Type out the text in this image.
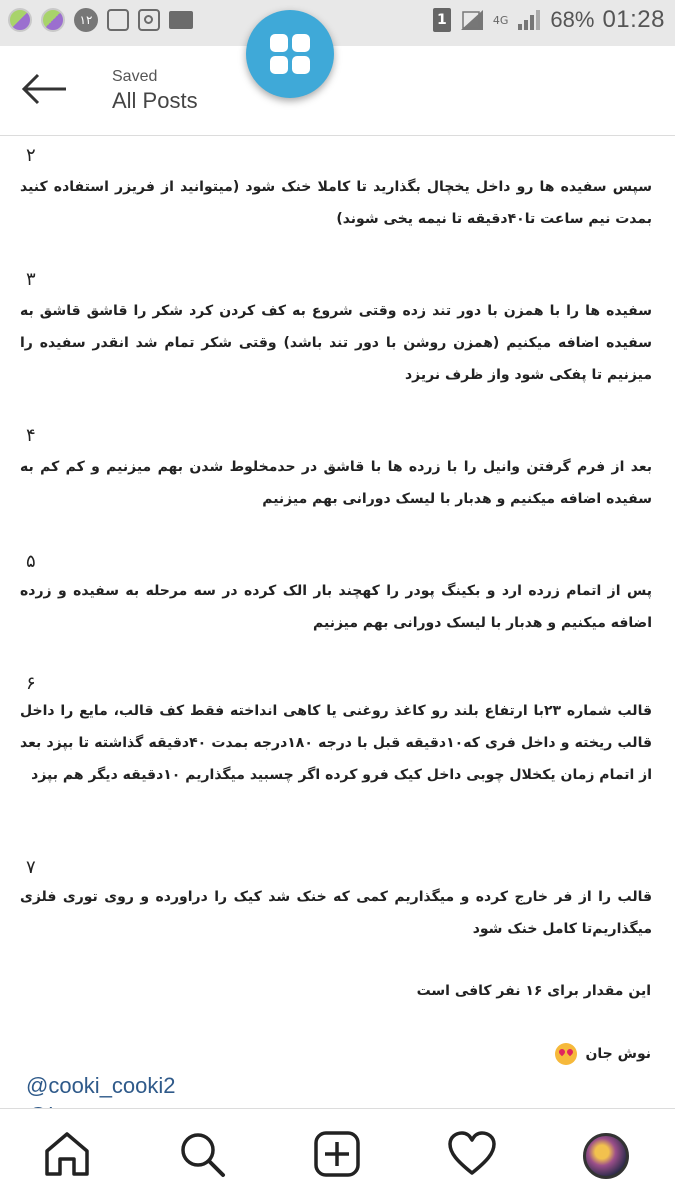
١٢	1	4G 68% 01:28
Saved
All Posts
٢
سپس سفیده ها رو داخل یخچال بگذارید تا کاملا خنک شود (میتوانید از فریزر استفاده کنید بمدت نیم ساعت تا۴۰دقیقه تا نیمه یخی شوند)
٣
سفیده ها را با همزن با دور تند زده وقتی شروع به کف کردن کرد شکر را قاشق قاشق به سفیده اضافه میکنیم (همزن روشن با دور تند باشد) وقتی شکر تمام شد انقدر سفیده را میزنیم تا پفکی شود واز ظرف نریزد
۴
بعد از فرم گرفتن وانیل را با زرده ها با قاشق در حدمخلوط شدن بهم میزنیم و کم کم به سفیده اضافه میکنیم و هدبار با لیسک دورانی بهم میزنیم
۵
پس از اتمام زرده ارد و بکینگ پودر را کهچند بار الک کرده در سه مرحله به سفیده و زرده اضافه میکنیم و هدبار با لیسک دورانی بهم میزنیم
۶
قالب شماره ۲۳با ارتفاع بلند رو کاغذ روغنی یا کاهی انداخته فقط کف قالب، مایع را داخل قالب ریخته و داخل فری که۱۰دقیقه قبل با درجه ۱۸۰درجه بمدت ۴۰دقیقه گذاشته تا بپزد بعد از اتمام زمان یکخلال چوبی داخل کیک فرو کرده اگر چسبید میگذاریم ۱۰دقیقه دیگر هم بپزد
٧
قالب را از فر خارج کرده و میگذاریم کمی که خنک شد کیک را دراورده و روی توری فلزی میگذاریم‌تا کامل خنک شود
این مقدار برای ۱۶ نفر کافی است
نوش جان
@cooki_cooki2
